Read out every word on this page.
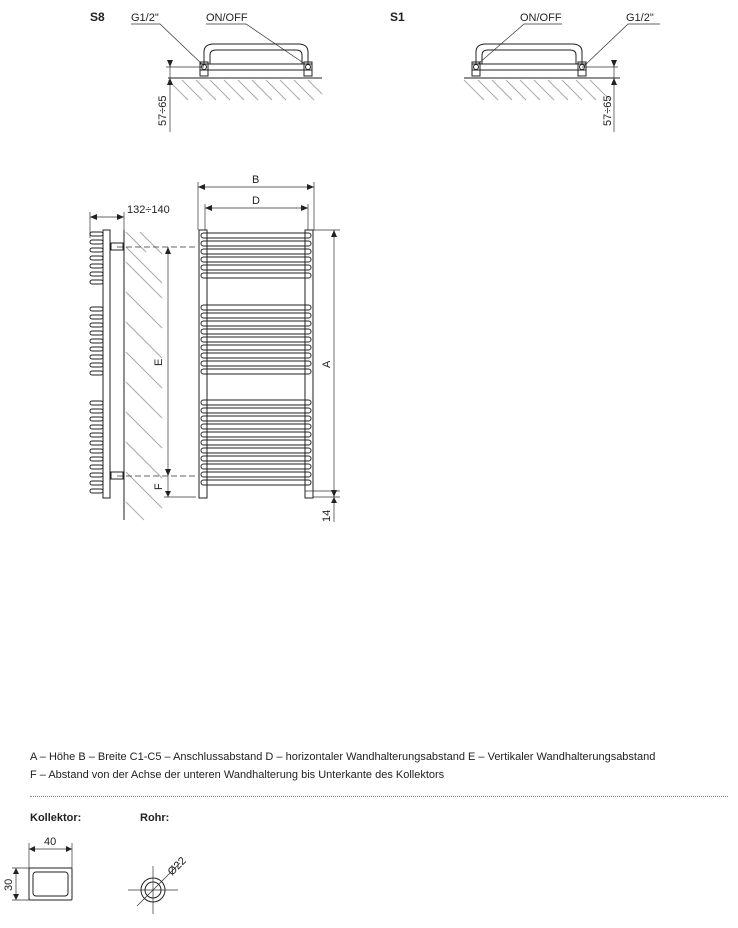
S8 G1/2"	ON/OFF
57÷65
S1	ON/OFF	G1/2"
57÷65
132÷140
E
F
B
D
A
14
40
30
Ø22
A – Höhe B – Breite C1-C5 – Anschlussabstand D – horizontaler Wandhalterungsabstand E – Vertikaler Wandhalterungsabstand
F – Abstand von der Achse der unteren Wandhalterung bis Unterkante des Kollektors
Kollektor:	Rohr:
